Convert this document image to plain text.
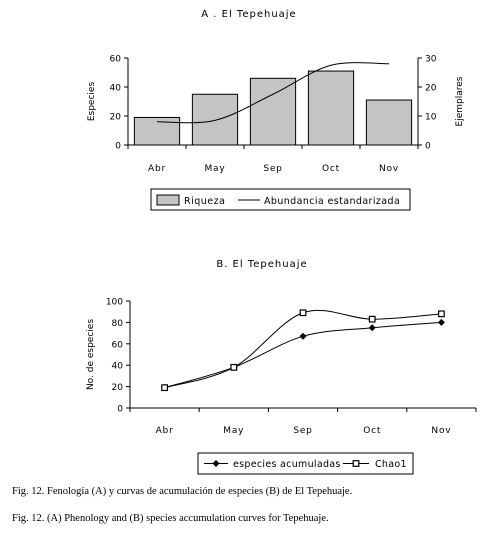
A . El Tepehuaje
0
20
40
60
0
10
20
30
Abr	May	Sep	Oct	Nov
Especies	Ejemplares
Riqueza	Abundancia estandarizada
B. El Tepehuaje
0
20
40
60
80
100
Abr	May	Sep	Oct	Nov
No. de especies
especies acumuladas	Chao1
Fig. 12. Fenología (A) y curvas de acumulación de especies (B) de El Tepehuaje.
Fig. 12. (A) Phenology and (B) species accumulation curves for Tepehuaje.
